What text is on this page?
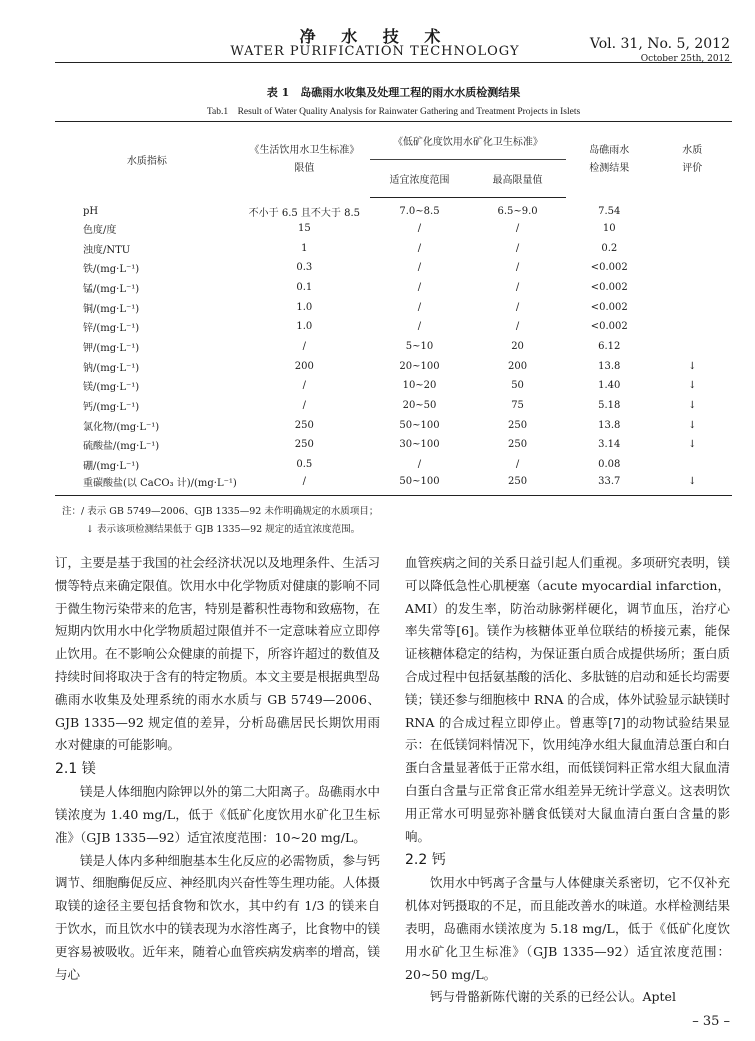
净 水 技 术
WATER PURIFICATION TECHNOLOGY	Vol. 31, No. 5, 2012
October 25th, 2012
表 1　岛礁雨水收集及处理工程的雨水水质检测结果
Tab.1　Result of Water Quality Analysis for Rainwater Gathering and Treatment Projects in Islets
水质指标	《生活饮用水卫生标准》限值	《低矿化度饮用水矿化卫生标准》		岛礁雨水检测结果	水质评价
		适宜浓度范围	最高限量值		
pH	不小于 6.5 且不大于 8.5	7.0~8.5	6.5~9.0	7.54	
色度/度	15	/	/	10	
浊度/NTU	1	/	/	0.2	
铁/(mg·L⁻¹)	0.3	/	/	<0.002	
锰/(mg·L⁻¹)	0.1	/	/	<0.002	
铜/(mg·L⁻¹)	1.0	/	/	<0.002	
锌/(mg·L⁻¹)	1.0	/	/	<0.002	
钾/(mg·L⁻¹)	/	5~10	20	6.12	
钠/(mg·L⁻¹)	200	20~100	200	13.8	↓
镁/(mg·L⁻¹)	/	10~20	50	1.40	↓
钙/(mg·L⁻¹)	/	20~50	75	5.18	↓
氯化物/(mg·L⁻¹)	250	50~100	250	13.8	↓
硫酸盐/(mg·L⁻¹)	250	30~100	250	3.14	↓
硼/(mg·L⁻¹)	0.5	/	/	0.08	
重碳酸盐(以 CaCO₃ 计)/(mg·L⁻¹)	/	50~100	250	33.7	↓
注：/ 表示 GB 5749—2006、GJB 1335—92 未作明确规定的水质项目；
↓ 表示该项检测结果低于 GJB 1335—92 规定的适宜浓度范围。

订，主要是基于我国的社会经济状况以及地理条件、生活习惯等特点来确定限值。饮用水中化学物质对健康的影响不同于微生物污染带来的危害，特别是蓄积性毒物和致癌物，在短期内饮用水中化学物质超过限值并不一定意味着应立即停止饮用。在不影响公众健康的前提下，所容许超过的数值及持续时间将取决于含有的特定物质。本文主要是根据典型岛礁雨水收集及处理系统的雨水水质与 GB 5749—2006、GJB 1335—92 规定值的差异，分析岛礁居民长期饮用雨水对健康的可能影响。

2.1 镁

镁是人体细胞内除钾以外的第二大阳离子。岛礁雨水中镁浓度为 1.40 mg/L，低于《低矿化度饮用水矿化卫生标准》（GJB 1335—92）适宜浓度范围：10~20 mg/L。

镁是人体内多种细胞基本生化反应的必需物质，参与钙调节、细胞酶促反应、神经肌肉兴奋性等生理功能。人体摄取镁的途径主要包括食物和饮水，其中约有 1/3 的镁来自于饮水，而且饮水中的镁表现为水溶性离子，比食物中的镁更容易被吸收。近年来，随着心血管疾病发病率的增高，镁与心

血管疾病之间的关系日益引起人们重视。多项研究表明，镁可以降低急性心肌梗塞（acute myocardial infarction，AMI）的发生率，防治动脉粥样硬化，调节血压，治疗心率失常等[6]。镁作为核糖体亚单位联结的桥接元素，能保证核糖体稳定的结构，为保证蛋白质合成提供场所；蛋白质合成过程中包括氨基酸的活化、多肽链的启动和延长均需要镁；镁还参与细胞核中 RNA 的合成，体外试验显示缺镁时RNA 的合成过程立即停止。曾惠等[7]的动物试验结果显示：在低镁饲料情况下，饮用纯净水组大鼠血清总蛋白和白蛋白含量显著低于正常水组，而低镁饲料正常水组大鼠血清白蛋白含量与正常食正常水组差异无统计学意义。这表明饮用正常水可明显弥补膳食低镁对大鼠血清白蛋白含量的影响。

2.2 钙

饮用水中钙离子含量与人体健康关系密切，它不仅补充机体对钙摄取的不足，而且能改善水的味道。水样检测结果表明，岛礁雨水镁浓度为 5.18 mg/L，低于《低矿化度饮用水矿化卫生标准》（GJB 1335—92）适宜浓度范围：20~50 mg/L。

钙与骨骼新陈代谢的关系的已经公认。Aptel

– 35 –
